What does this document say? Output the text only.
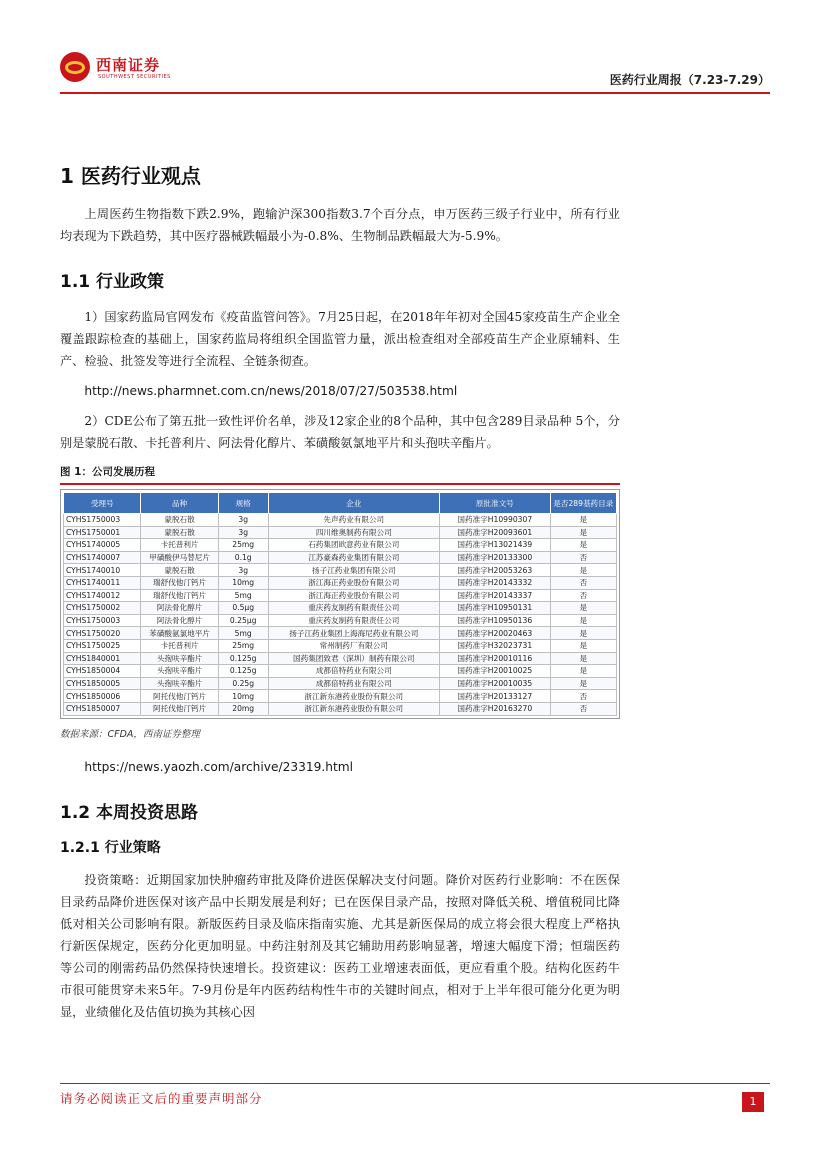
西南证券
SOUTHWEST SECURITIES	医药行业周报（7.23-7.29）
1 医药行业观点

上周医药生物指数下跌2.9%，跑输沪深300指数3.7个百分点，申万医药三级子行业中，所有行业均表现为下跌趋势，其中医疗器械跌幅最小为-0.8%、生物制品跌幅最大为-5.9%。

1.1 行业政策

1）国家药监局官网发布《疫苗监管问答》。7月25日起，在2018年年初对全国45家疫苗生产企业全覆盖跟踪检查的基础上，国家药监局将组织全国监管力量，派出检查组对全部疫苗生产企业原辅料、生产、检验、批签发等进行全流程、全链条彻查。

http://news.pharmnet.com.cn/news/2018/07/27/503538.html

2）CDE公布了第五批一致性评价名单，涉及12家企业的8个品种，其中包含289目录品种 5个，分别是蒙脱石散、卡托普利片、阿法骨化醇片、苯磺酸氨氯地平片和头孢呋辛酯片。

图 1：公司发展历程
受理号	品种	规格	企业	原批准文号	是否289基药目录
CYHS1750003	蒙脱石散	3g	先声药业有限公司	国药准字H10990307	是
CYHS1750001	蒙脱石散	3g	四川维奥制药有限公司	国药准字H20093601	是
CYHS1740005	卡托普利片	25mg	石药集团欧意药业有限公司	国药准字H13021439	是
CYHS1740007	甲磺酸伊马替尼片	0.1g	江苏豪森药业集团有限公司	国药准字H20133300	否
CYHS1740010	蒙脱石散	3g	扬子江药业集团有限公司	国药准字H20053263	是
CYHS1740011	瑞舒伐他汀钙片	10mg	浙江海正药业股份有限公司	国药准字H20143332	否
CYHS1740012	瑞舒伐他汀钙片	5mg	浙江海正药业股份有限公司	国药准字H20143337	否
CYHS1750002	阿法骨化醇片	0.5μg	重庆药友制药有限责任公司	国药准字H10950131	是
CYHS1750003	阿法骨化醇片	0.25μg	重庆药友制药有限责任公司	国药准字H10950136	是
CYHS1750020	苯磺酸氨氯地平片	5mg	扬子江药业集团上海海尼药业有限公司	国药准字H20020463	是
CYHS1750025	卡托普利片	25mg	常州制药厂有限公司	国药准字H32023731	是
CYHS1840001	头孢呋辛酯片	0.125g	国药集团致君（深圳）制药有限公司	国药准字H20010116	是
CYHS1850004	头孢呋辛酯片	0.125g	成都倍特药业有限公司	国药准字H20010025	是
CYHS1850005	头孢呋辛酯片	0.25g	成都倍特药业有限公司	国药准字H20010035	是
CYHS1850006	阿托伐他汀钙片	10mg	浙江新东港药业股份有限公司	国药准字H20133127	否
CYHS1850007	阿托伐他汀钙片	20mg	浙江新东港药业股份有限公司	国药准字H20163270	否
数据来源：CFDA，西南证券整理

https://news.yaozh.com/archive/23319.html

1.2 本周投资思路
1.2.1 行业策略

投资策略：近期国家加快肿瘤药审批及降价进医保解决支付问题。降价对医药行业影响：不在医保目录药品降价进医保对该产品中长期发展是利好；已在医保目录产品，按照对降低关税、增值税同比降低对相关公司影响有限。新版医药目录及临床指南实施、尤其是新医保局的成立将会很大程度上严格执行新医保规定，医药分化更加明显。中药注射剂及其它辅助用药影响显著，增速大幅度下滑；恒瑞医药等公司的刚需药品仍然保持快速增长。投资建议：医药工业增速表面低，更应看重个股。结构化医药牛市很可能贯穿未来5年。7-9月份是年内医药结构性牛市的关键时间点，相对于上半年很可能分化更为明显，业绩催化及估值切换为其核心因

请务必阅读正文后的重要声明部分	1
